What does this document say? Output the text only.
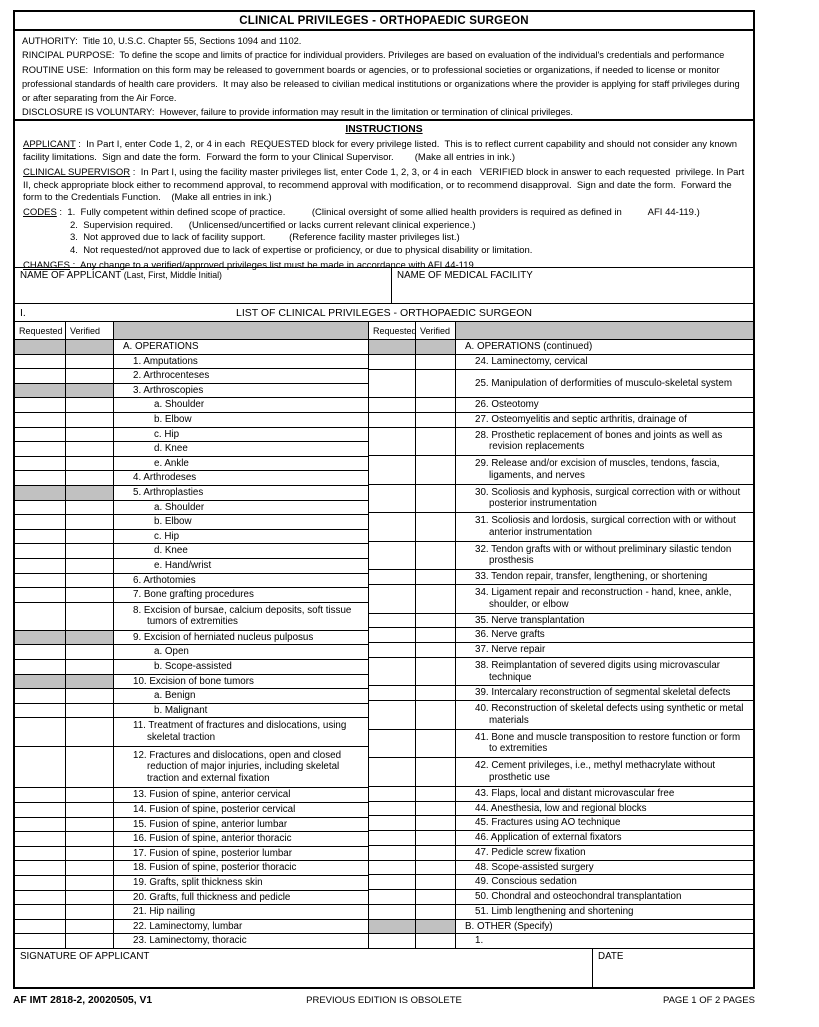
CLINICAL PRIVILEGES - ORTHOPAEDIC SURGEON
AUTHORITY:  Title 10, U.S.C. Chapter 55, Sections 1094 and 1102.
RINCIPAL PURPOSE:  To define the scope and limits of practice for individual providers. Privileges are based on evaluation of the individual's credentials and performance
ROUTINE USE:  Information on this form may be released to government boards or agencies, or to professional societies or organizations, if needed to license or monitor professional standards of health care providers.  It may also be released to civilian medical institutions or organizations where the provider is applying for staff privileges during or after separating from the Air Force.
DISCLOSURE IS VOLUNTARY:  However, failure to provide information may result in the limitation or termination of clinical privileges.
INSTRUCTIONS
APPLICANT :  In Part I, enter Code 1, 2, or 4 in each  REQUESTED block for every privilege listed.  This is to reflect current capability and should not consider any known facility limitations.  Sign and date the form.  Forward the form to your Clinical Supervisor.        (Make all entries in ink.)
CLINICAL SUPERVISOR :  In Part I, using the facility master privileges list, enter Code 1, 2, 3, or 4 in each   VERIFIED block in answer to each requested  privilege. In Part II, check appropriate block either to recommend approval, to recommend approval with modification, or to recommend disapproval.  Sign and date the form.  Forward the form to the Credentials Function.    (Make all entries in ink.)
CODES :  1.  Fully competent within defined scope of practice.          (Clinical oversight of some allied health providers is required as defined in          AFI 44-119.)
2.  Supervision required.      (Unlicensed/uncertified or lacks current relevant clinical experience.)
3.  Not approved due to lack of facility support.         (Reference facility master privileges list.)
4.  Not requested/not approved due to lack of expertise or proficiency, or due to physical disability or limitation.
CHANGES :  Any change to a verified/approved privileges list must be made in accordance with AFI 44-119.
NAME OF APPLICANT (Last, First, Middle Initial)	NAME OF MEDICAL FACILITY
I.	LIST OF CLINICAL PRIVILEGES - ORTHOPAEDIC SURGEON
Requested Verified	Requested Verified
A. OPERATIONS
1. Amputations
2. Arthrocenteses
3. Arthroscopies
a. Shoulder
b. Elbow
c. Hip
d. Knee
e. Ankle
4. Arthrodeses
5. Arthroplasties
a. Shoulder
b. Elbow
c. Hip
d. Knee
e. Hand/wrist
6. Arthotomies
7. Bone grafting procedures
8. Excision of bursae, calcium deposits, soft tissue tumors of extremities
9. Excision of herniated nucleus pulposus
a. Open
b. Scope-assisted
10. Excision of bone tumors
a. Benign
b. Malignant
11. Treatment of fractures and dislocations, using skeletal traction
12. Fractures and dislocations, open and closed reduction of major injuries, including skeletal traction and external fixation
13. Fusion of spine, anterior cervical
14. Fusion of spine, posterior cervical
15. Fusion of spine, anterior lumbar
16. Fusion of spine, anterior thoracic
17. Fusion of spine, posterior lumbar
18. Fusion of spine, posterior thoracic
19. Grafts, split thickness skin
20. Grafts, full thickness and pedicle
21. Hip nailing
22. Laminectomy, lumbar
23. Laminectomy, thoracic
A. OPERATIONS (continued)
24. Laminectomy, cervical
25. Manipulation of derformities of musculo-skeletal system
26. Osteotomy
27. Osteomyelitis and septic arthritis, drainage of
28. Prosthetic replacement of bones and joints as well as revision replacements
29. Release and/or excision of muscles, tendons, fascia, ligaments, and nerves
30. Scoliosis and kyphosis, surgical correction with or without posterior instrumentation
31. Scoliosis and lordosis, surgical correction with or without anterior instrumentation
32. Tendon grafts with or without preliminary silastic tendon prosthesis
33. Tendon repair, transfer, lengthening, or shortening
34. Ligament repair and reconstruction - hand, knee, ankle, shoulder, or elbow
35. Nerve transplantation
36. Nerve grafts
37. Nerve repair
38. Reimplantation of severed digits using microvascular technique
39. Intercalary reconstruction of segmental skeletal defects
40. Reconstruction of skeletal defects using synthetic or metal materials
41. Bone and muscle transposition to restore function or form to extremities
42. Cement privileges, i.e., methyl methacrylate without prosthetic use
43. Flaps, local and distant microvascular free
44. Anesthesia, low and regional blocks
45. Fractures using AO technique
46. Application of external fixators
47. Pedicle screw fixation
48. Scope-assisted surgery
49. Conscious sedation
50. Chondral and osteochondral transplantation
51. Limb lengthening and shortening
B. OTHER (Specify)
1.
SIGNATURE OF APPLICANT	DATE
AF IMT 2818-2, 20020505, V1	PREVIOUS EDITION IS OBSOLETE	PAGE 1 OF 2 PAGES
